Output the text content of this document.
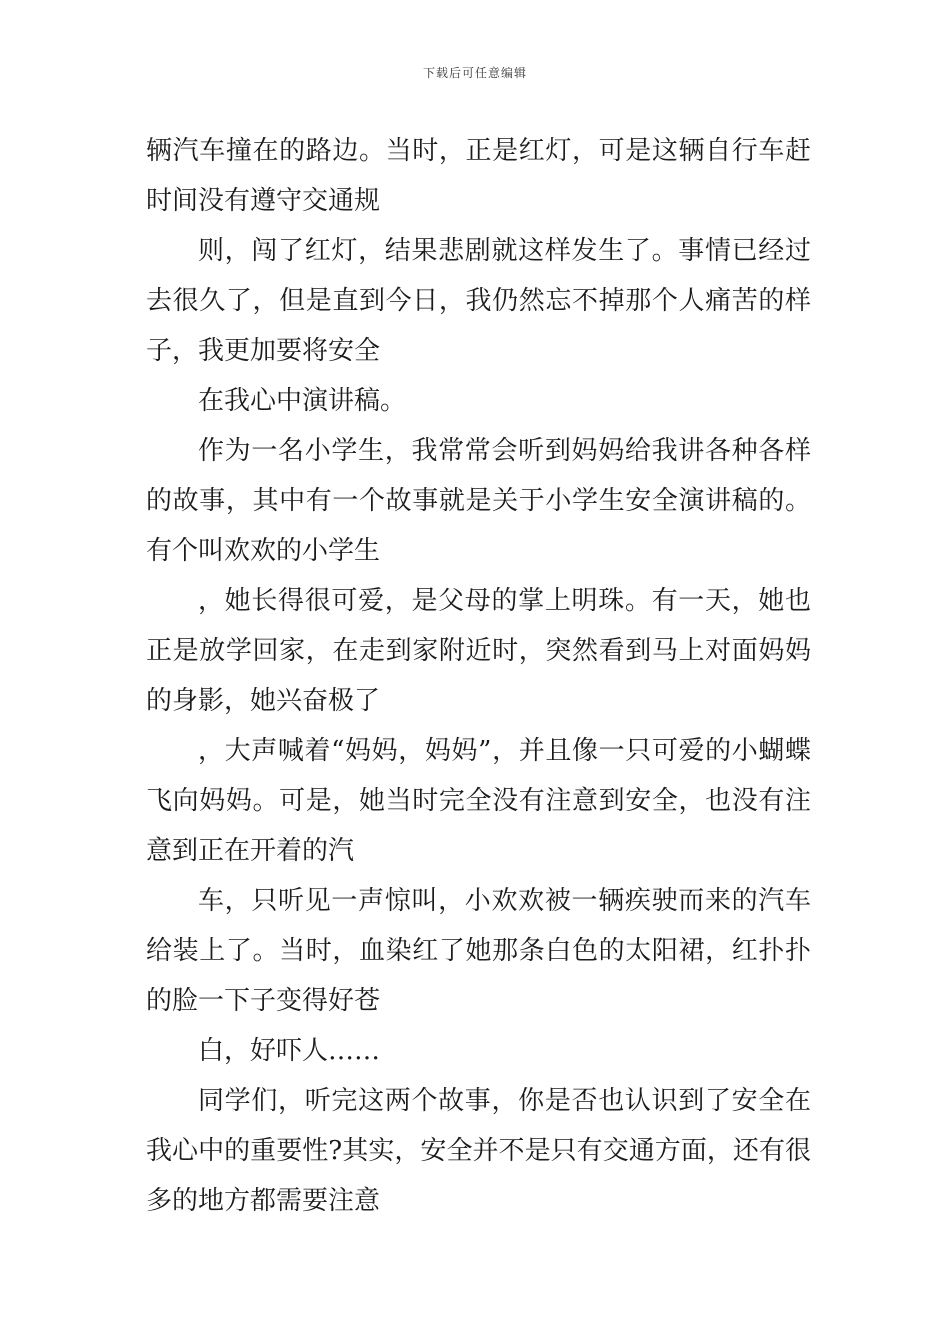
下载后可任意编辑

辆汽车撞在的路边。当时，正是红灯，可是这辆自行车赶时间没有遵守交通规

则，闯了红灯，结果悲剧就这样发生了。事情已经过去很久了，但是直到今日，我仍然忘不掉那个人痛苦的样子，我更加要将安全

在我心中演讲稿。

作为一名小学生，我常常会听到妈妈给我讲各种各样的故事，其中有一个故事就是关于小学生安全演讲稿的。有个叫欢欢的小学生

，她长得很可爱，是父母的掌上明珠。有一天，她也正是放学回家，在走到家附近时，突然看到马上对面妈妈的身影，她兴奋极了

，大声喊着“妈妈，妈妈”，并且像一只可爱的小蝴蝶飞向妈妈。可是，她当时完全没有注意到安全，也没有注意到正在开着的汽

车，只听见一声惊叫，小欢欢被一辆疾驶而来的汽车给装上了。当时，血染红了她那条白色的太阳裙，红扑扑的脸一下子变得好苍

白，好吓人……

同学们，听完这两个故事，你是否也认识到了安全在我心中的重要性?其实，安全并不是只有交通方面，还有很多的地方都需要注意
